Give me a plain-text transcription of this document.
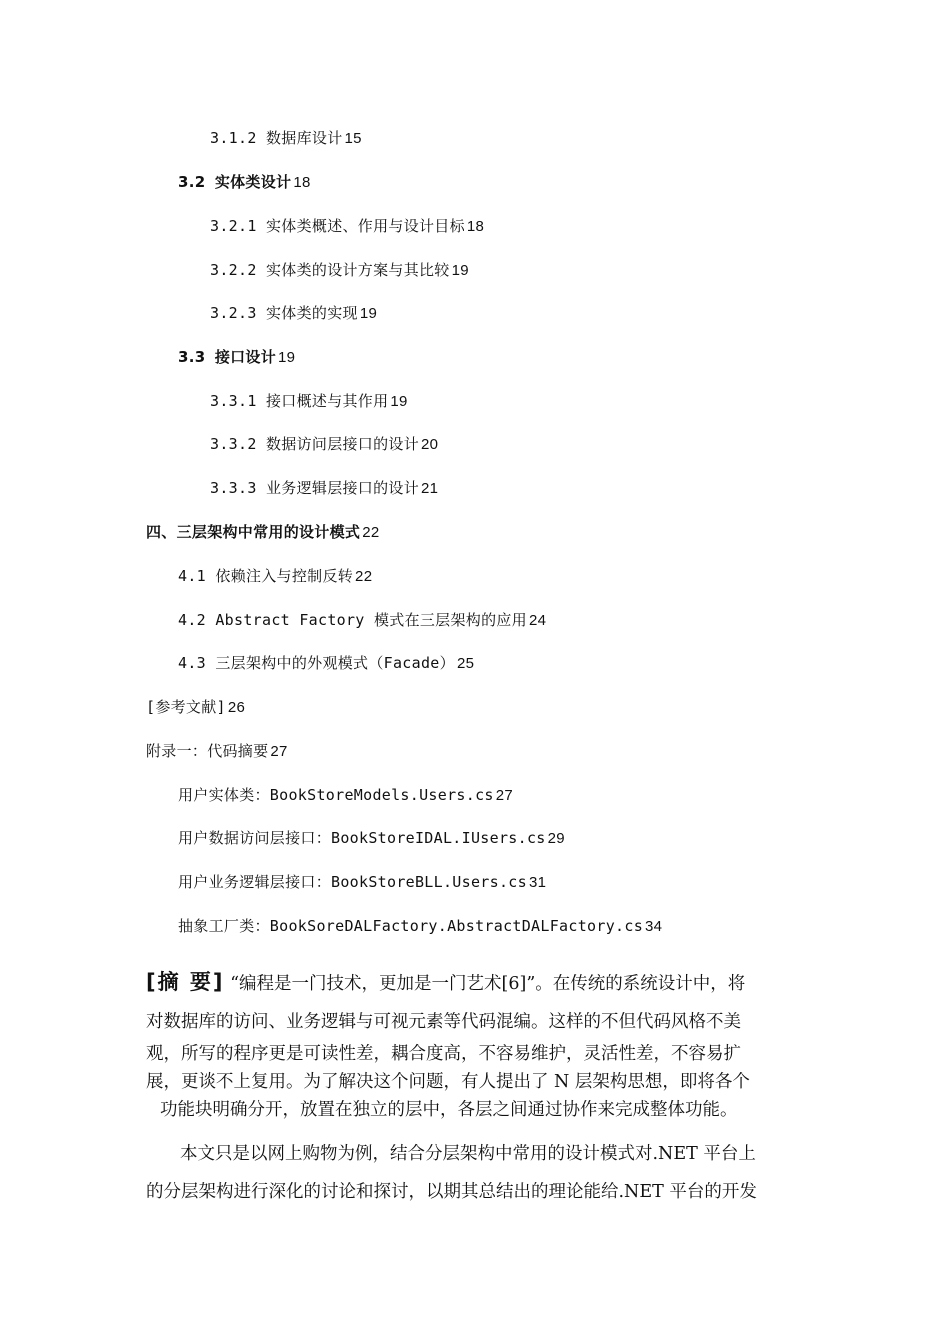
3.1.2 数据库设计 15
3.2 实体类设计 18
3.2.1 实体类概述、作用与设计目标 18
3.2.2 实体类的设计方案与其比较 19
3.2.3 实体类的实现 19
3.3 接口设计 19
3.3.1 接口概述与其作用 19
3.3.2 数据访问层接口的设计 20
3.3.3 业务逻辑层接口的设计 21
四、三层架构中常用的设计模式 22
4.1 依赖注入与控制反转 22
4.2 Abstract Factory 模式在三层架构的应用 24
4.3 三层架构中的外观模式（Facade） 25
[参考文献] 26
附录一：代码摘要 27
用户实体类：BookStoreModels.Users.cs 27
用户数据访问层接口：BookStoreIDAL.IUsers.cs 29
用户业务逻辑层接口：BookStoreBLL.Users.cs 31
抽象工厂类：BookSoreDALFactory.AbstractDALFactory.cs 34
[摘 要] “编程是一门技术，更加是一门艺术[6]”。在传统的系统设计中，将
对数据库的访问、业务逻辑与可视元素等代码混编。这样的不但代码风格不美
观，所写的程序更是可读性差，耦合度高，不容易维护，灵活性差，不容易扩
展，更谈不上复用。为了解决这个问题，有人提出了 N 层架构思想，即将各个
功能块明确分开，放置在独立的层中，各层之间通过协作来完成整体功能。
本文只是以网上购物为例，结合分层架构中常用的设计模式对.NET 平台上
的分层架构进行深化的讨论和探讨，以期其总结出的理论能给.NET 平台的开发
